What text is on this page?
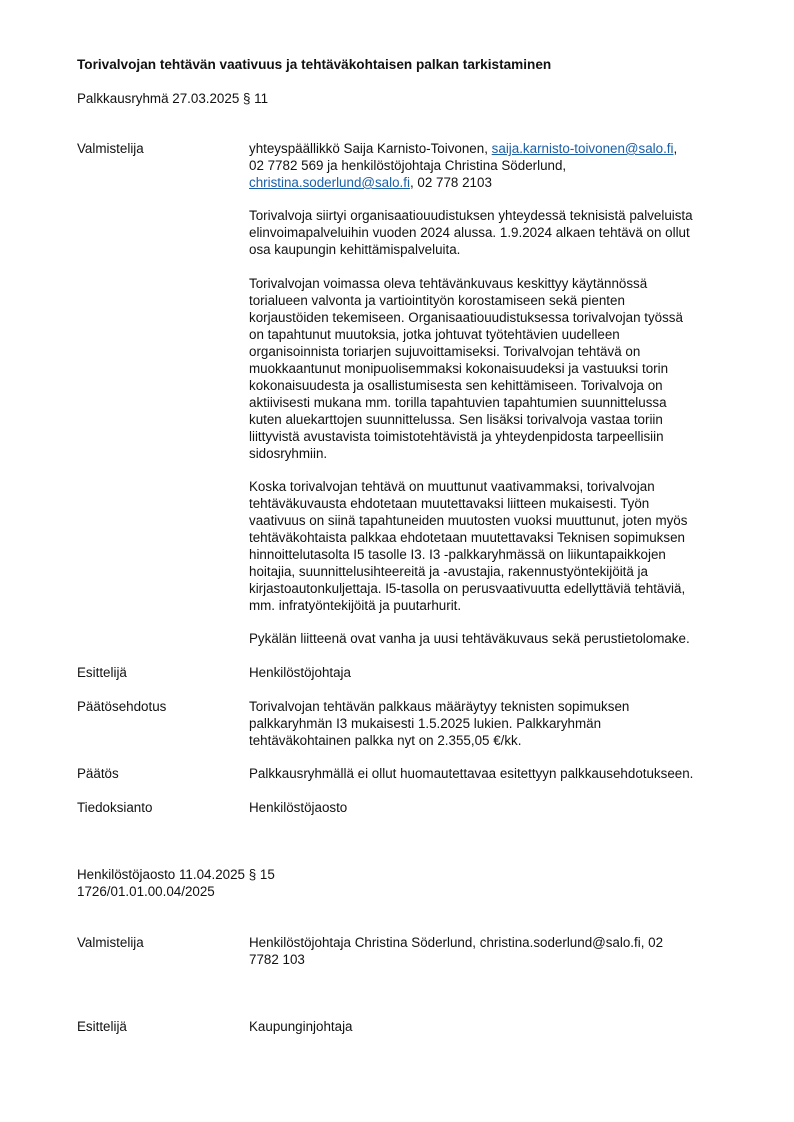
Torivalvojan tehtävän vaativuus ja tehtäväkohtaisen palkan tarkistaminen
Palkkausryhmä 27.03.2025 § 11
Valmistelija	yhteyspäällikkö Saija Karnisto-Toivonen, saija.karnisto-toivonen@salo.fi,

02 7782 569 ja henkilöstöjohtaja Christina Söderlund,

christina.soderlund@salo.fi, 02 778 2103

Torivalvoja siirtyi organisaatiouudistuksen yhteydessä teknisistä palveluista

elinvoimapalveluihin vuoden 2024 alussa. 1.9.2024 alkaen tehtävä on ollut

osa kaupungin kehittämispalveluita.

Torivalvojan voimassa oleva tehtävänkuvaus keskittyy käytännössä

torialueen valvonta ja vartiointityön korostamiseen sekä pienten

korjaustöiden tekemiseen. Organisaatiouudistuksessa torivalvojan työssä

on tapahtunut muutoksia, jotka johtuvat työtehtävien uudelleen

organisoinnista toriarjen sujuvoittamiseksi. Torivalvojan tehtävä on

muokkaantunut monipuolisemmaksi kokonaisuudeksi ja vastuuksi torin

kokonaisuudesta ja osallistumisesta sen kehittämiseen. Torivalvoja on

aktiivisesti mukana mm. torilla tapahtuvien tapahtumien suunnittelussa

kuten aluekarttojen suunnittelussa. Sen lisäksi torivalvoja vastaa toriin

liittyvistä avustavista toimistotehtävistä ja yhteydenpidosta tarpeellisiin

sidosryhmiin.

Koska torivalvojan tehtävä on muuttunut vaativammaksi, torivalvojan

tehtäväkuvausta ehdotetaan muutettavaksi liitteen mukaisesti. Työn

vaativuus on siinä tapahtuneiden muutosten vuoksi muuttunut, joten myös

tehtäväkohtaista palkkaa ehdotetaan muutettavaksi Teknisen sopimuksen

hinnoittelutasolta I5 tasolle I3. I3 -palkkaryhmässä on liikuntapaikkojen

hoitajia, suunnittelusihteereitä ja -avustajia, rakennustyöntekijöitä ja

kirjastoautonkuljettaja. I5-tasolla on perusvaativuutta edellyttäviä tehtäviä,

mm. infratyöntekijöitä ja puutarhurit.

Pykälän liitteenä ovat vanha ja uusi tehtäväkuvaus sekä perustietolomake.
Esittelijä	Henkilöstöjohtaja
Päätösehdotus	Torivalvojan tehtävän palkkaus määräytyy teknisten sopimuksen

palkkaryhmän I3 mukaisesti 1.5.2025 lukien. Palkkaryhmän

tehtäväkohtainen palkka nyt on 2.355,05 €/kk.

Päätös	Palkkausryhmällä ei ollut huomautettavaa esitettyyn palkkausehdotukseen.
Tiedoksianto	Henkilöstöjaosto

Henkilöstöjaosto 11.04.2025 § 15

1726/01.01.00.04/2025

Valmistelija	Henkilöstöjohtaja Christina Söderlund, christina.soderlund@salo.fi, 02

7782 103

Esittelijä	Kaupunginjohtaja
